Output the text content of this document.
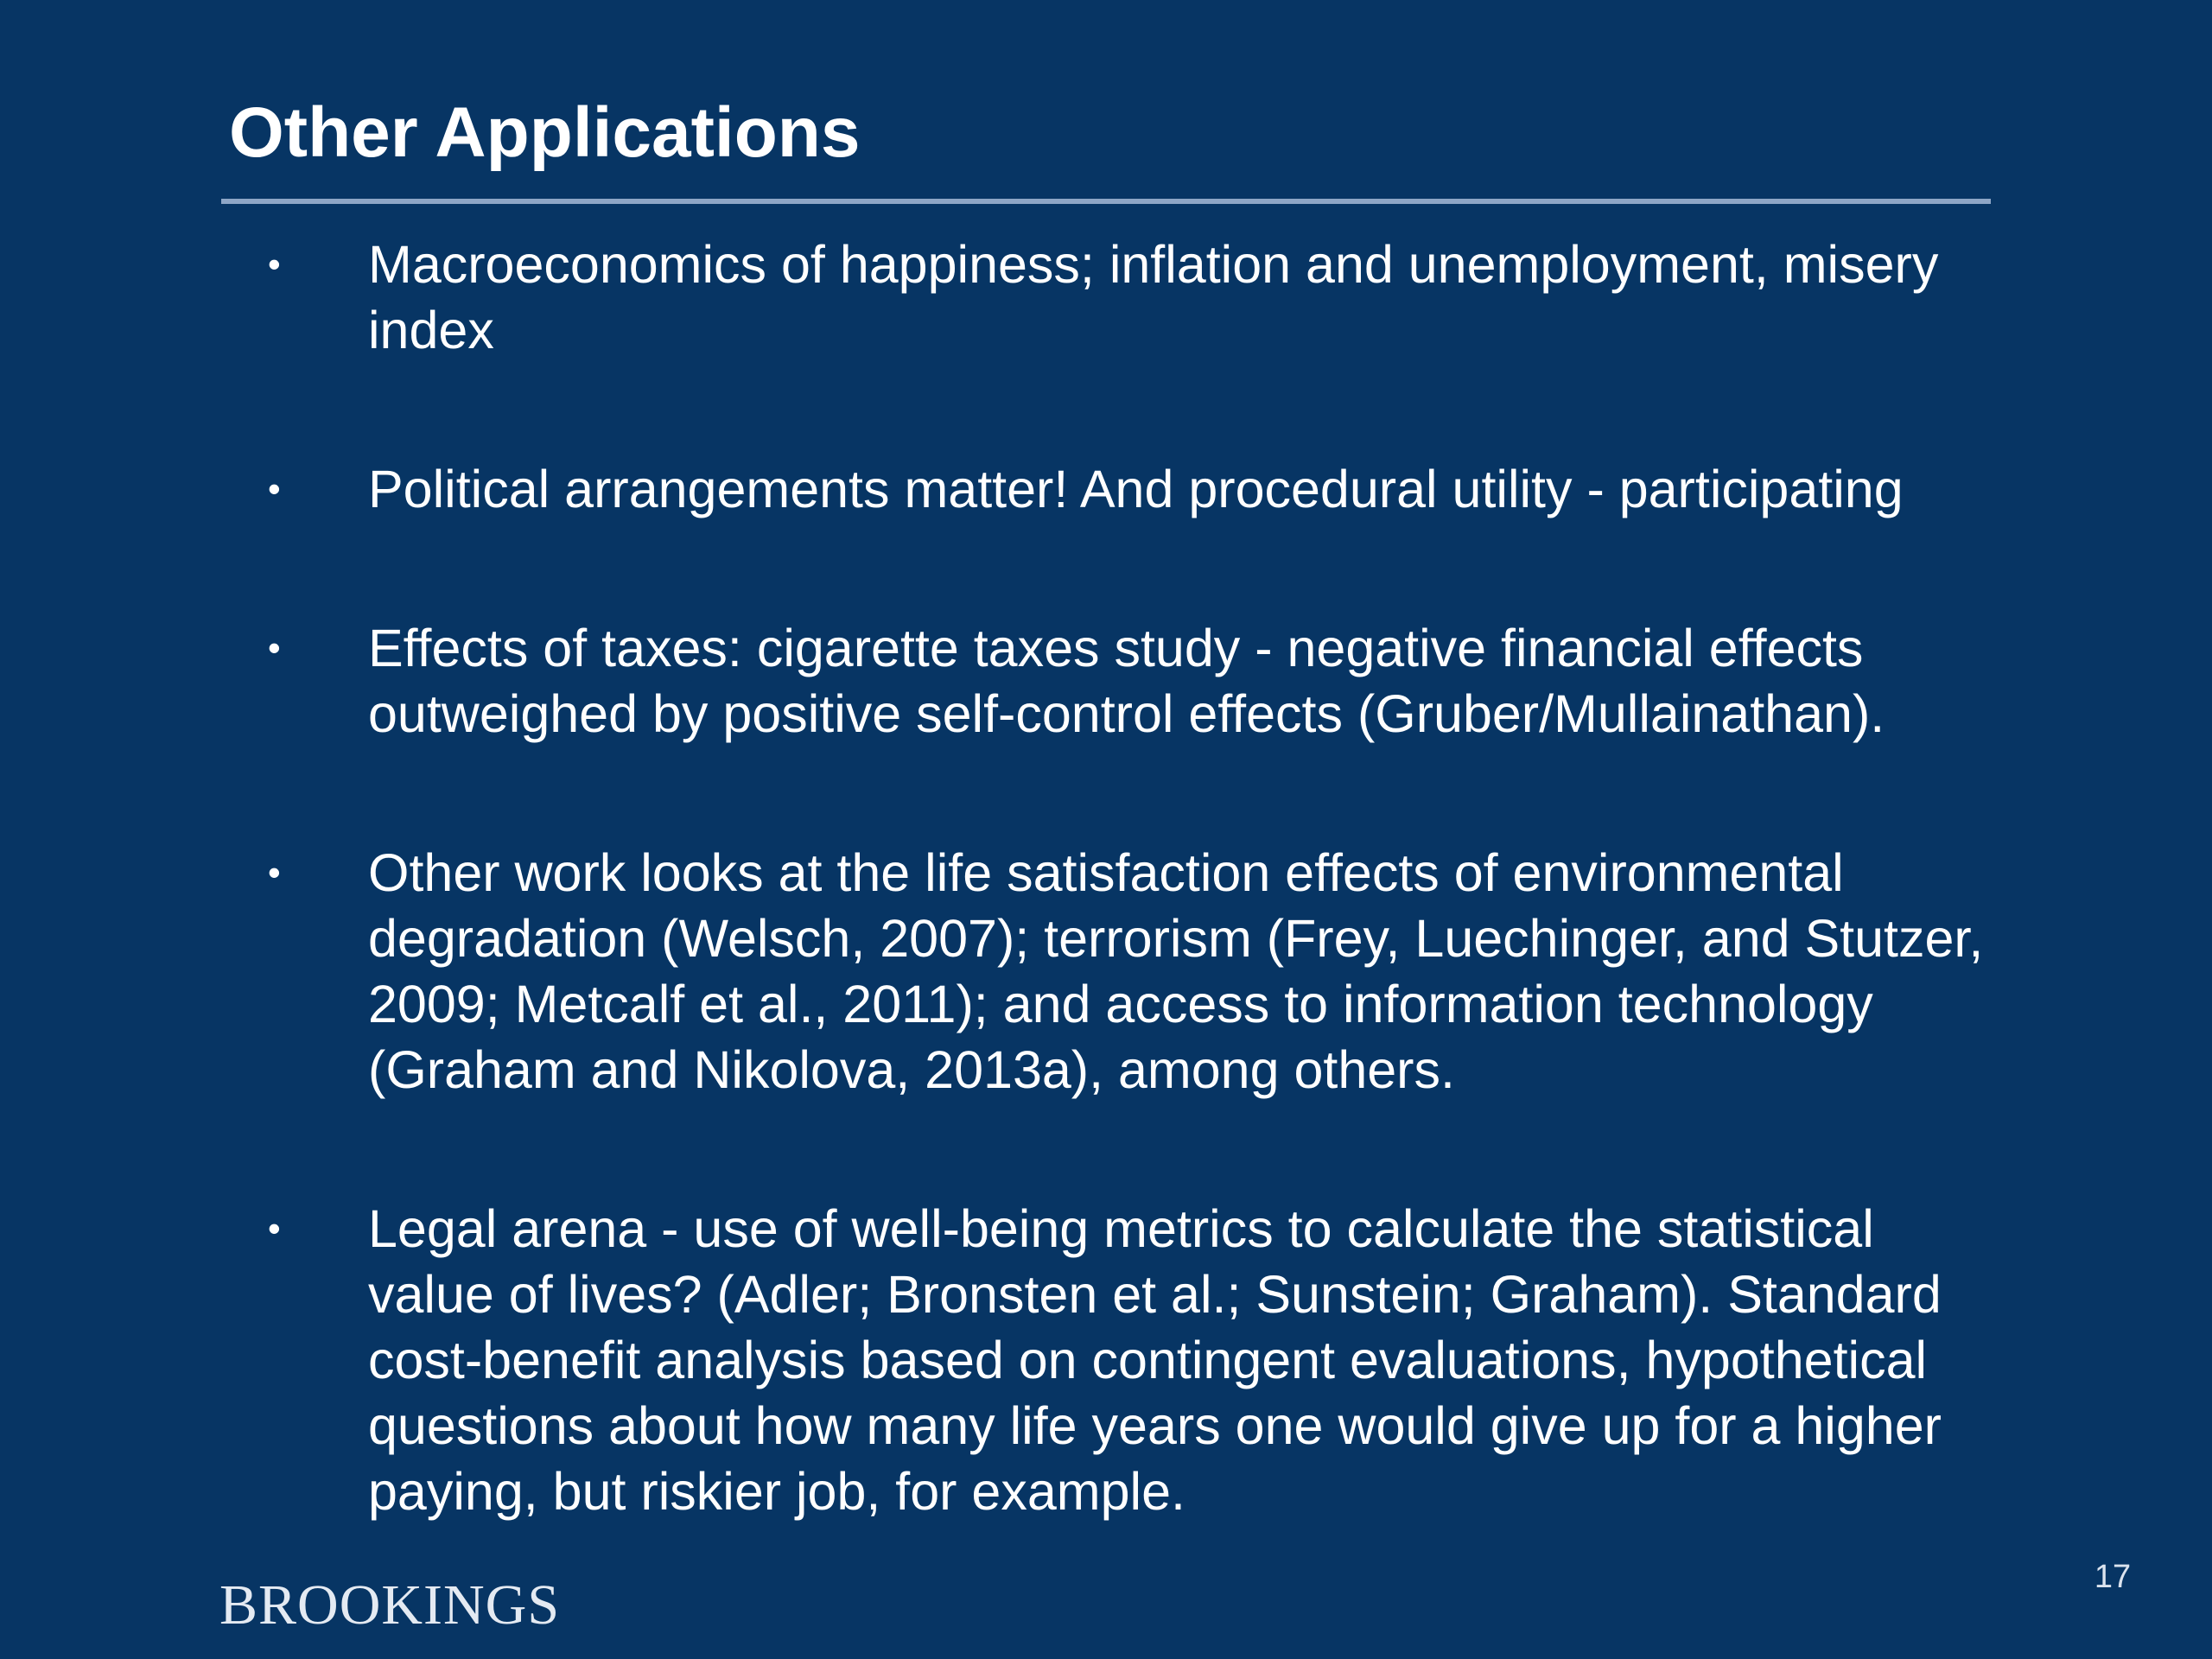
Other Applications
• Macroeconomics of happiness; inflation and unemployment, misery index
• Political arrangements matter! And procedural utility - participating
• Effects of taxes: cigarette taxes study - negative financial effects outweighed by positive self-control effects (Gruber/Mullainathan).
• Other work looks at the life satisfaction effects of environmental degradation (Welsch, 2007); terrorism (Frey, Luechinger, and Stutzer, 2009; Metcalf et al., 2011); and access to information technology (Graham and Nikolova, 2013a), among others.
• Legal arena - use of well-being metrics to calculate the statistical value of lives? (Adler; Bronsten et al.; Sunstein; Graham). Standard cost-benefit analysis based on contingent evaluations, hypothetical questions about how many life years one would give up for a higher paying, but riskier job, for example.
BROOKINGS	17
